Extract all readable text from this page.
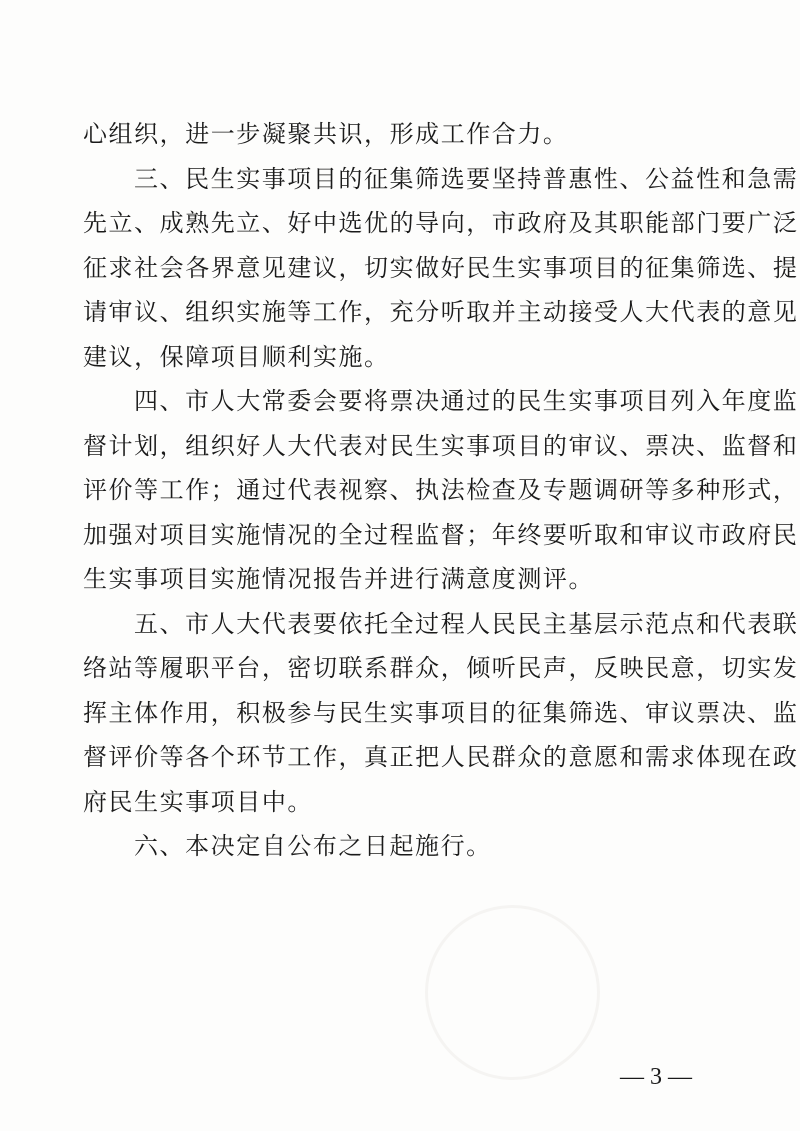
心组织，进一步凝聚共识，形成工作合力。
三、民生实事项目的征集筛选要坚持普惠性、公益性和急需
先立、成熟先立、好中选优的导向，市政府及其职能部门要广泛
征求社会各界意见建议，切实做好民生实事项目的征集筛选、提
请审议、组织实施等工作，充分听取并主动接受人大代表的意见
建议，保障项目顺利实施。
四、市人大常委会要将票决通过的民生实事项目列入年度监
督计划，组织好人大代表对民生实事项目的审议、票决、监督和
评价等工作；通过代表视察、执法检查及专题调研等多种形式，
加强对项目实施情况的全过程监督；年终要听取和审议市政府民
生实事项目实施情况报告并进行满意度测评。
五、市人大代表要依托全过程人民民主基层示范点和代表联
络站等履职平台，密切联系群众，倾听民声，反映民意，切实发
挥主体作用，积极参与民生实事项目的征集筛选、审议票决、监
督评价等各个环节工作，真正把人民群众的意愿和需求体现在政
府民生实事项目中。
六、本决定自公布之日起施行。
— 3 —
